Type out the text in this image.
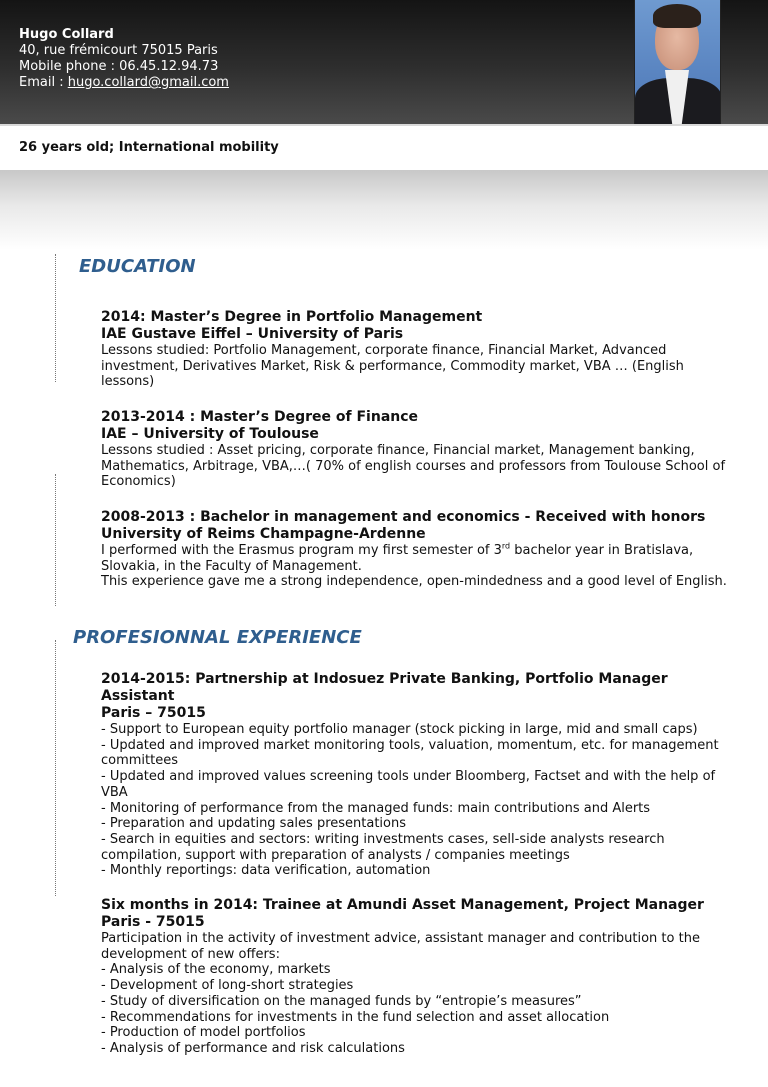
Hugo Collard
40, rue frémicourt 75015 Paris
Mobile phone : 06.45.12.94.73
Email : hugo.collard@gmail.com
26 years old; International mobility
EDUCATION
2014: Master’s Degree in Portfolio Management
IAE Gustave Eiffel – University of Paris
Lessons studied: Portfolio Management, corporate finance, Financial Market, Advanced investment, Derivatives Market, Risk & performance, Commodity market, VBA … (English lessons)
2013-2014 : Master’s Degree of Finance
IAE – University of Toulouse
Lessons studied : Asset pricing, corporate finance, Financial market, Management banking, Mathematics, Arbitrage, VBA,…( 70% of english courses and professors from Toulouse School of Economics)
2008-2013 : Bachelor in management and economics - Received with honors
University of Reims Champagne-Ardenne
I performed with the Erasmus program my first semester of 3rd bachelor year in Bratislava, Slovakia, in the Faculty of Management.
This experience gave me a strong independence, open-mindedness and a good level of English.
PROFESIONNAL EXPERIENCE
2014-2015: Partnership at Indosuez Private Banking, Portfolio Manager Assistant
Paris – 75015
- Support to European equity portfolio manager (stock picking in large, mid and small caps)
- Updated and improved market monitoring tools, valuation, momentum, etc. for management committees
- Updated and improved values screening tools under Bloomberg, Factset and with the help of VBA
- Monitoring of performance from the managed funds: main contributions and Alerts
- Preparation and updating sales presentations
- Search in equities and sectors: writing investments cases, sell-side analysts research compilation, support with preparation of analysts / companies meetings
- Monthly reportings: data verification, automation
Six months in 2014: Trainee at Amundi Asset Management, Project Manager
Paris - 75015
Participation in the activity of investment advice, assistant manager and contribution to the development of new offers:
- Analysis of the economy, markets
- Development of long-short strategies
- Study of diversification on the managed funds by “entropie’s measures”
- Recommendations for investments in the fund selection and asset allocation
- Production of model portfolios
- Analysis of performance and risk calculations
